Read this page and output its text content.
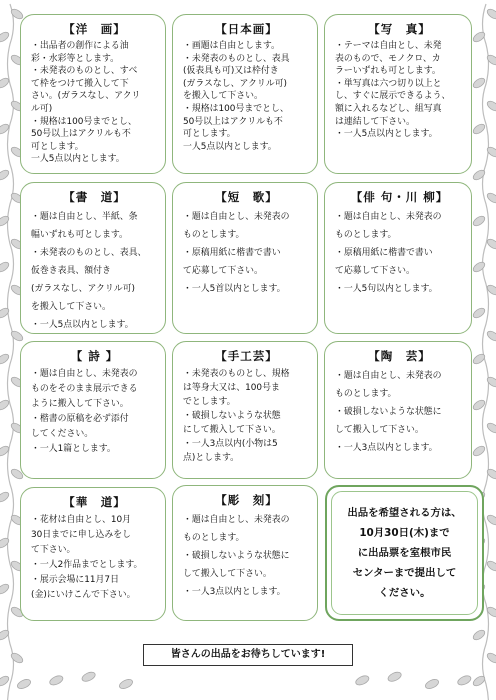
【洋　画】
・出品者の創作による油
彩・水彩等とします。
・未発表のものとし、すべ
て枠をつけて搬入して下
さい。(ガラスなし、アクリ
ル可)
・規格は100号までとし、
50号以上はアクリルも不
可とします。
一人5点以内とします。
【日本画】
・画題は自由とします。
・未発表のものとし、表具
(仮表具も可)又は枠付き
(ガラスなし、アクリル可)
を搬入して下さい。
・規格は100号までとし、
50号以上はアクリルも不
可とします。
一人5点以内とします。
【写　真】
・テーマは自由とし、未発
表のもので、モノクロ、カ
ラーいずれも可とします。
・単写真は六つ切り以上と
し、すぐに展示できるよう、
額に入れるなどし、組写真
は連結して下さい。
・一人5点以内とします。
【書　道】
・題は自由とし、半紙、条
幅いずれも可とします。
・未発表のものとし、表具、
仮巻き表具、額付き
(ガラスなし、アクリル可)
を搬入して下さい。
・一人5点以内とします。
【短　歌】
・題は自由とし、未発表の
ものとします。
・原稿用紙に楷書で書い
て応募して下さい。
・一人5首以内とします。
【俳 句・川 柳】
・題は自由とし、未発表の
ものとします。
・原稿用紙に楷書で書い
て応募して下さい。
・一人5句以内とします。
【 詩 】
・題は自由とし、未発表の
ものをそのまま展示できる
ように搬入して下さい。
・楷書の原稿を必ず添付
してください。
・一人1篇とします。
【手工芸】
・未発表のものとし、規格
は等身大又は、100号ま
でとします。
・破損しないような状態
にして搬入して下さい。
・一人3点以内(小物は5
点)とします。
【陶　芸】
・題は自由とし、未発表の
ものとします。
・破損しないような状態に
して搬入して下さい。
・一人3点以内とします。
【華　道】
・花材は自由とし、10月
30日までに申し込みをし
て下さい。
・一人2作品までとします。
・展示会場に11月7日
(金)にいけこんで下さい。
【彫　刻】
・題は自由とし、未発表の
ものとします。
・破損しないような状態に
して搬入して下さい。
・一人3点以内とします。
出品を希望される方は、
10月30日(木)まで
に出品票を室根市民
センターまで提出して
ください。
皆さんの出品をお待ちしています!
